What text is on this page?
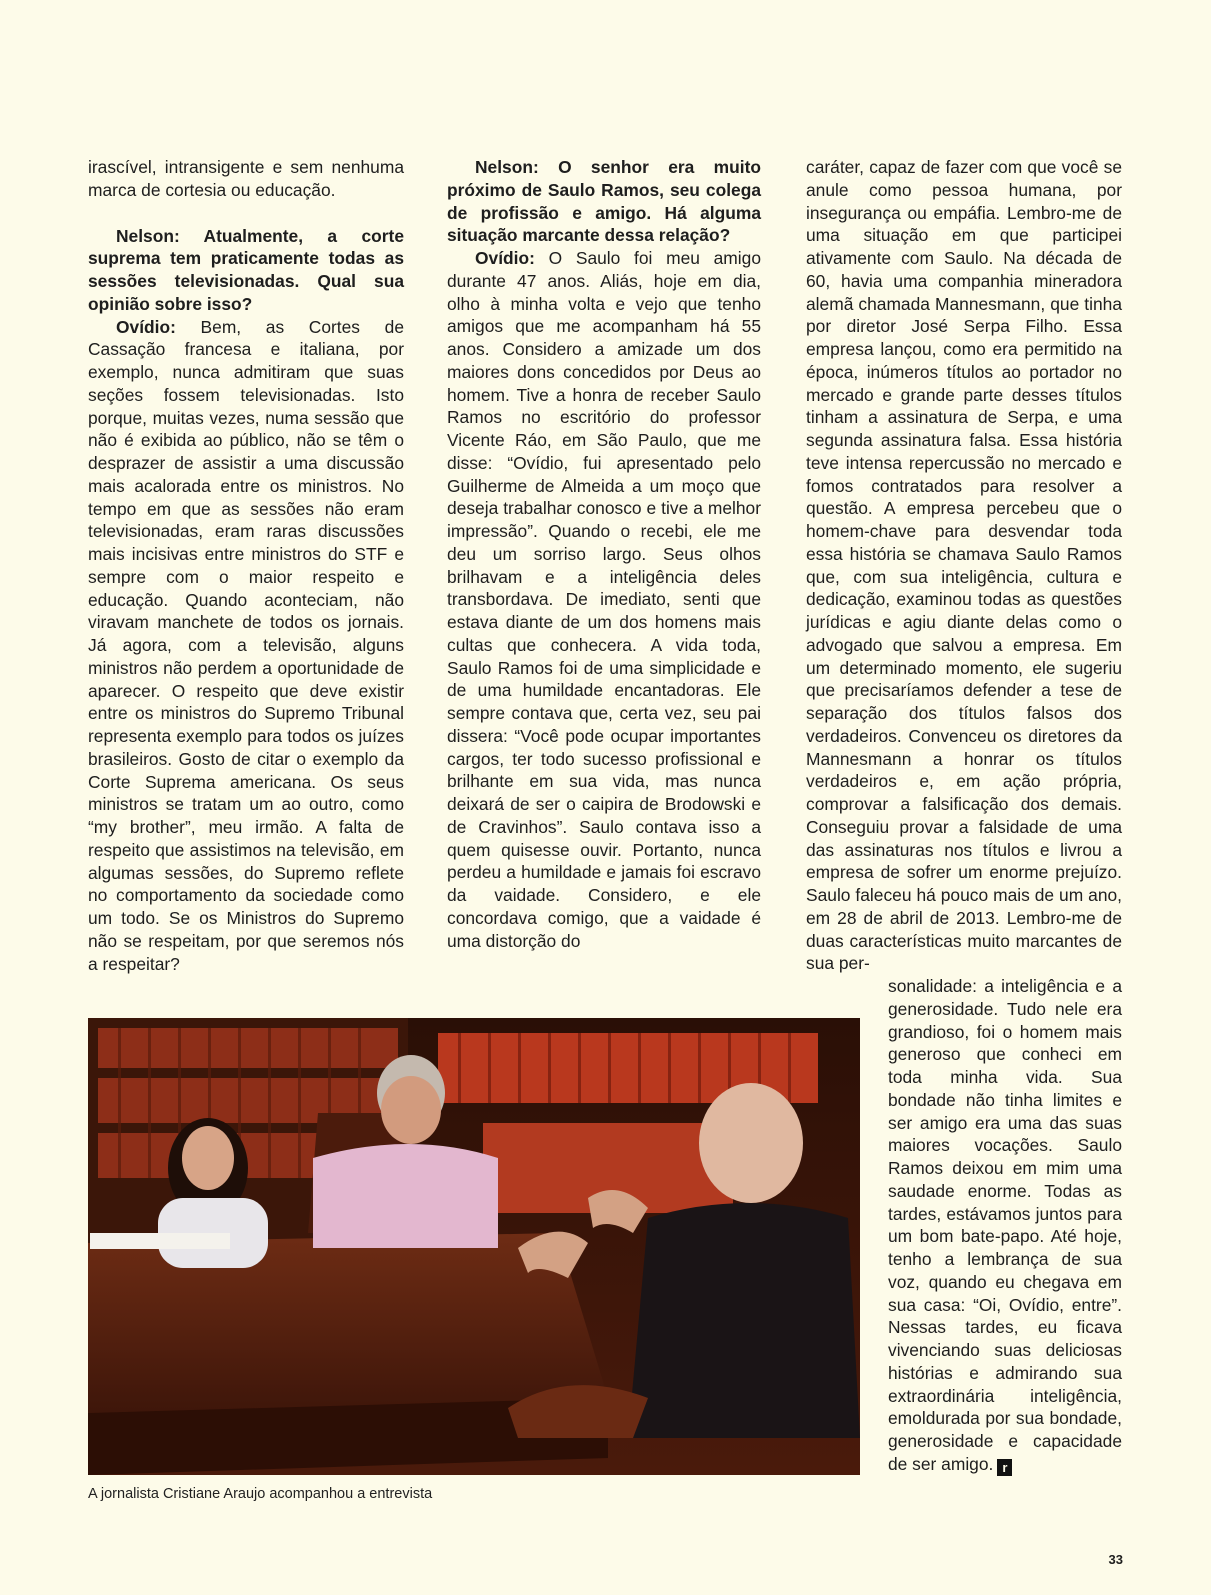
irascível, intransigente e sem nenhuma marca de cortesia ou educação.

Nelson: Atualmente, a corte suprema tem praticamente todas as sessões televisionadas. Qual sua opinião sobre isso?

Ovídio: Bem, as Cortes de Cassação francesa e italiana, por exemplo, nunca admitiram que suas seções fossem televisionadas. Isto porque, muitas vezes, numa sessão que não é exibida ao público, não se têm o desprazer de assistir a uma discussão mais acalorada entre os ministros. No tempo em que as sessões não eram televisionadas, eram raras discussões mais incisivas entre ministros do STF e sempre com o maior respeito e educação. Quando aconteciam, não viravam manchete de todos os jornais. Já agora, com a televisão, alguns ministros não perdem a oportunidade de aparecer. O respeito que deve existir entre os ministros do Supremo Tribunal representa exemplo para todos os juízes brasileiros. Gosto de citar o exemplo da Corte Suprema americana. Os seus ministros se tratam um ao outro, como “my brother”, meu irmão. A falta de respeito que assistimos na televisão, em algumas sessões, do Supremo reflete no comportamento da sociedade como um todo. Se os Ministros do Supremo não se respeitam, por que seremos nós a respeitar?

Nelson: O senhor era muito próximo de Saulo Ramos, seu colega de profissão e amigo. Há alguma situação marcante dessa relação?

Ovídio: O Saulo foi meu amigo durante 47 anos. Aliás, hoje em dia, olho à minha volta e vejo que tenho amigos que me acompanham há 55 anos. Considero a amizade um dos maiores dons concedidos por Deus ao homem. Tive a honra de receber Saulo Ramos no escritório do professor Vicente Ráo, em São Paulo, que me disse: “Ovídio, fui apresentado pelo Guilherme de Almeida a um moço que deseja trabalhar conosco e tive a melhor impressão”. Quando o recebi, ele me deu um sorriso largo. Seus olhos brilhavam e a inteligência deles transbordava. De imediato, senti que estava diante de um dos homens mais cultas que conhecera. A vida toda, Saulo Ramos foi de uma simplicidade e de uma humildade encantadoras. Ele sempre contava que, certa vez, seu pai dissera: “Você pode ocupar importantes cargos, ter todo sucesso profissional e brilhante em sua vida, mas nunca deixará de ser o caipira de Brodowski e de Cravinhos”. Saulo contava isso a quem quisesse ouvir. Portanto, nunca perdeu a humildade e jamais foi escravo da vaidade. Considero, e ele concordava comigo, que a vaidade é uma distorção do

caráter, capaz de fazer com que você se anule como pessoa humana, por insegurança ou empáfia. Lembro-me de uma situação em que participei ativamente com Saulo. Na década de 60, havia uma companhia mineradora alemã chamada Mannesmann, que tinha por diretor José Serpa Filho. Essa empresa lançou, como era permitido na época, inúmeros títulos ao portador no mercado e grande parte desses títulos tinham a assinatura de Serpa, e uma segunda assinatura falsa. Essa história teve intensa repercussão no mercado e fomos contratados para resolver a questão. A empresa percebeu que o homem-chave para desvendar toda essa história se chamava Saulo Ramos que, com sua inteligência, cultura e dedicação, examinou todas as questões jurídicas e agiu diante delas como o advogado que salvou a empresa. Em um determinado momento, ele sugeriu que precisaríamos defender a tese de separação dos títulos falsos dos verdadeiros. Convenceu os diretores da Mannesmann a honrar os títulos verdadeiros e, em ação própria, comprovar a falsificação dos demais. Conseguiu provar a falsidade de uma das assinaturas nos títulos e livrou a empresa de sofrer um enorme prejuízo. Saulo faleceu há pouco mais de um ano, em 28 de abril de 2013. Lembro-me de duas características muito marcantes de sua per-

sonalidade: a inteligência e a generosidade. Tudo nele era grandioso, foi o homem mais generoso que conheci em toda minha vida. Sua bondade não tinha limites e ser amigo era uma das suas maiores vocações. Saulo Ramos deixou em mim uma saudade enorme. Todas as tardes, estávamos juntos para um bom bate-papo. Até hoje, tenho a lembrança de sua voz, quando eu chegava em sua casa: “Oi, Ovídio, entre”. Nessas tardes, eu ficava vivenciando suas deliciosas histórias e admirando sua extraordinária inteligência, emoldurada por sua bondade, generosidade e capacidade de ser amigo. r

A jornalista Cristiane Araujo acompanhou a entrevista
33
